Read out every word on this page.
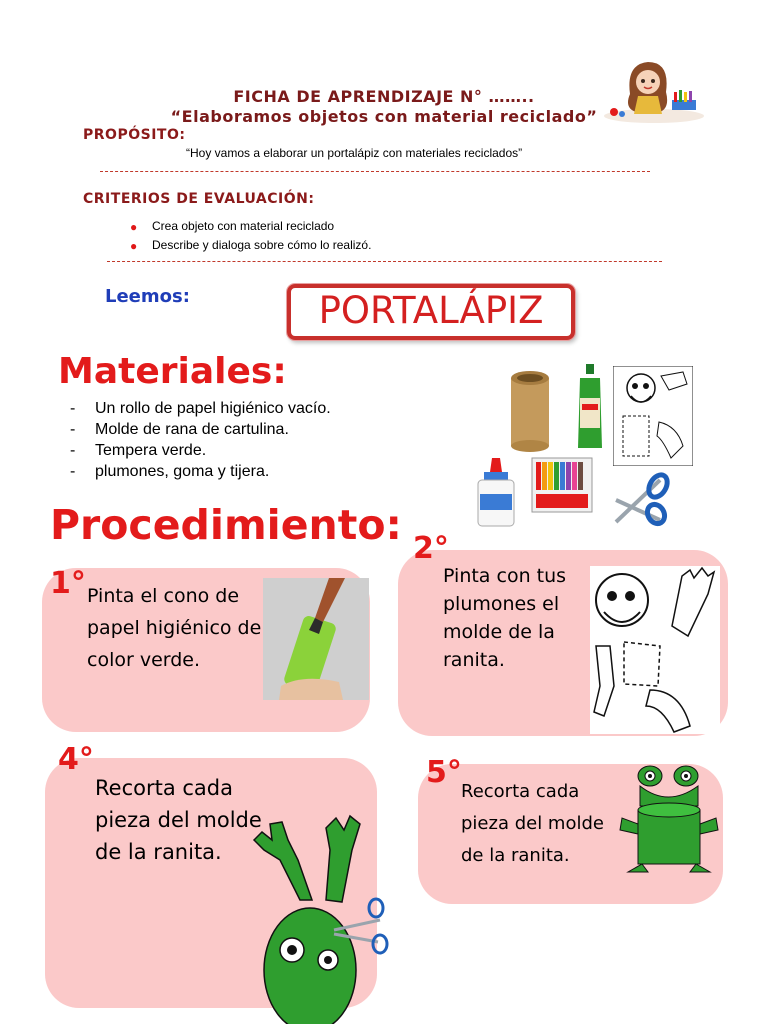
FICHA DE APRENDIZAJE N° ……..
“Elaboramos objetos con material reciclado”
PROPÓSITO:
“Hoy vamos a elaborar un portalápiz con materiales reciclados”
CRITERIOS DE EVALUACIÓN:
● Crea objeto con material reciclado
● Describe y dialoga sobre cómo lo realizó.
Leemos:	PORTALÁPIZ
Materiales:
- Un rollo de papel higiénico vacío.
- Molde de rana de cartulina.
- Tempera verde.
- plumones, goma y tijera.
Procedimiento:
1° Pinta el cono de papel higiénico de color verde.
2°
Pinta con tus plumones el molde de la ranita.
4°
Recorta cada pieza del molde de la ranita.
5°
Recorta cada pieza del molde de la ranita.
